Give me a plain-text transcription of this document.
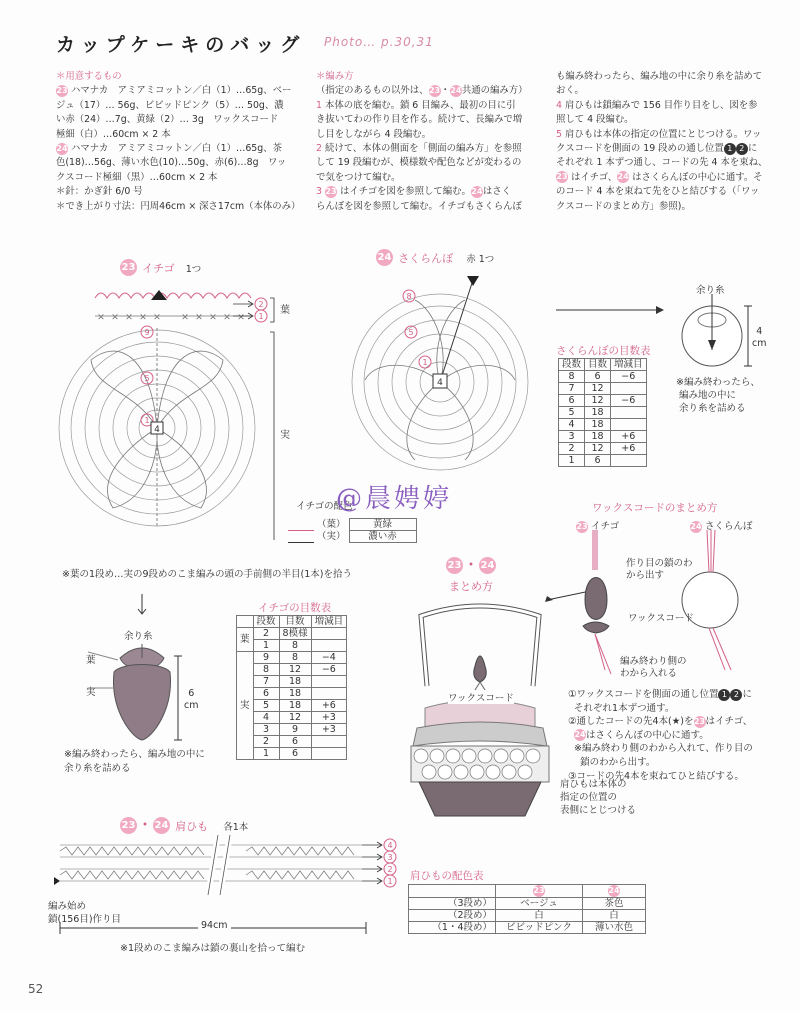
カップケーキのバッグ Photo… p.30,31

＊用意するもの

23 ハマナカ　アミアミコットン／白（1）…65g、ベー

ジュ（17）… 56g、ビビッドピンク（5）… 50g、濃

い赤（24）…7g、黄緑（2）… 3g　ワックスコード

極細（白）…60cm × 2 本

24 ハマナカ　アミアミコットン／白（1）…65g、茶

色(18)…56g、薄い水色(10)…50g、赤(6)…8g　ワッ

クスコード極細（黒）…60cm × 2 本

＊針：かぎ針 6/0 号

＊でき上がり寸法：円周46cm × 深さ17cm（本体のみ）

＊編み方

（指定のあるもの以外は、23・24共通の編み方）

1 本体の底を編む。鎖 6 目編み、最初の目に引

き抜いてわの作り目を作る。続けて、長編みで増

し目をしながら 4 段編む。

2 続けて、本体の側面を「側面の編み方」を参照

して 19 段編むが、模様数や配色などが変わるの

で気をつけて編む。

3 23 はイチゴを図を参照して編む。24はさく

らんぼを図を参照して編む。イチゴもさくらんぼ

も編み終わったら、編み地の中に余り糸を詰めて

おく。

4 肩ひもは鎖編みで 156 目作り目をし、図を参

照して 4 段編む。

5 肩ひもは本体の指定の位置にとじつける。ワッ

クスコードを側面の 19 段めの通し位置 1 2 に

それぞれ 1 本ずつ通し、コードの先 4 本を束ね、

23 はイチゴ、24 はさくらんぼの中心に通す。そ

のコード 4 本を束ねて先をひと結びする（「ワッ

クスコードのまとめ方」参照)。

23 イチゴ 1つ
✕ ✕ ✕ ✕ ✕ ✕ ✕ ✕ ✕ ✕
2
1
葉
実
9
5
1
4
イチゴの配色
	（葉）	黄緑
	（実）	濃い赤
@晨娉婷
※葉の1段め…実の9段めのこま編みの頭の手前側の半目(1本)を拾う
余り糸
葉
実	6
cm
※編み終わったら、編み地の中に
余り糸を詰める
イチゴの目数表
	段数	目数	増減目
葉	2	8模様	
	1	8	
実	9	8	−4
	8	12	−6
	7	18	
	6	18	
	5	18	+6
	4	12	+3
	3	9	+3
	2	6	
	1	6	
24 さくらんぼ 赤 1つ
8
5
1
4
余り糸
4
cm
※編み終わったら、
編み地の中に
余り糸を詰める
さくらんぼの目数表
段数	目数	増減目
8	6	−6
7	12	
6	12	−6
5	18	
4	18	
3	18	+6
2	12	+6
1	6	
23・ 24
まとめ方
ワックスコード
ワックスコードのまとめ方
23 イチゴ	24 さくらんぼ
作り目の鎖のわ
から出す
ワックスコード
編み終わり側の
わから入れる
①ワックスコードを側面の通し位置 1 2 に
それぞれ1本ずつ通す。
②通したコードの先4本(★)を23はイチゴ、
24はさくらんぼの中心に通す。
※編み終わり側のわから入れて、作り目の
鎖のわから出す。
③コードの先4本を束ねてひと結びする。
肩ひもは本体の
指定の位置の
表側にとじつける
23・ 24 肩ひも 各1本
4
3
2
1
編み始め
鎖(156目)作り目
94cm
※1段めのこま編みは鎖の裏山を拾って編む
肩ひもの配色表
	23	24
（3段め）	ベージュ	茶色
（2段め）	白	白
（1・4段め）	ビビッドピンク	薄い水色
52
